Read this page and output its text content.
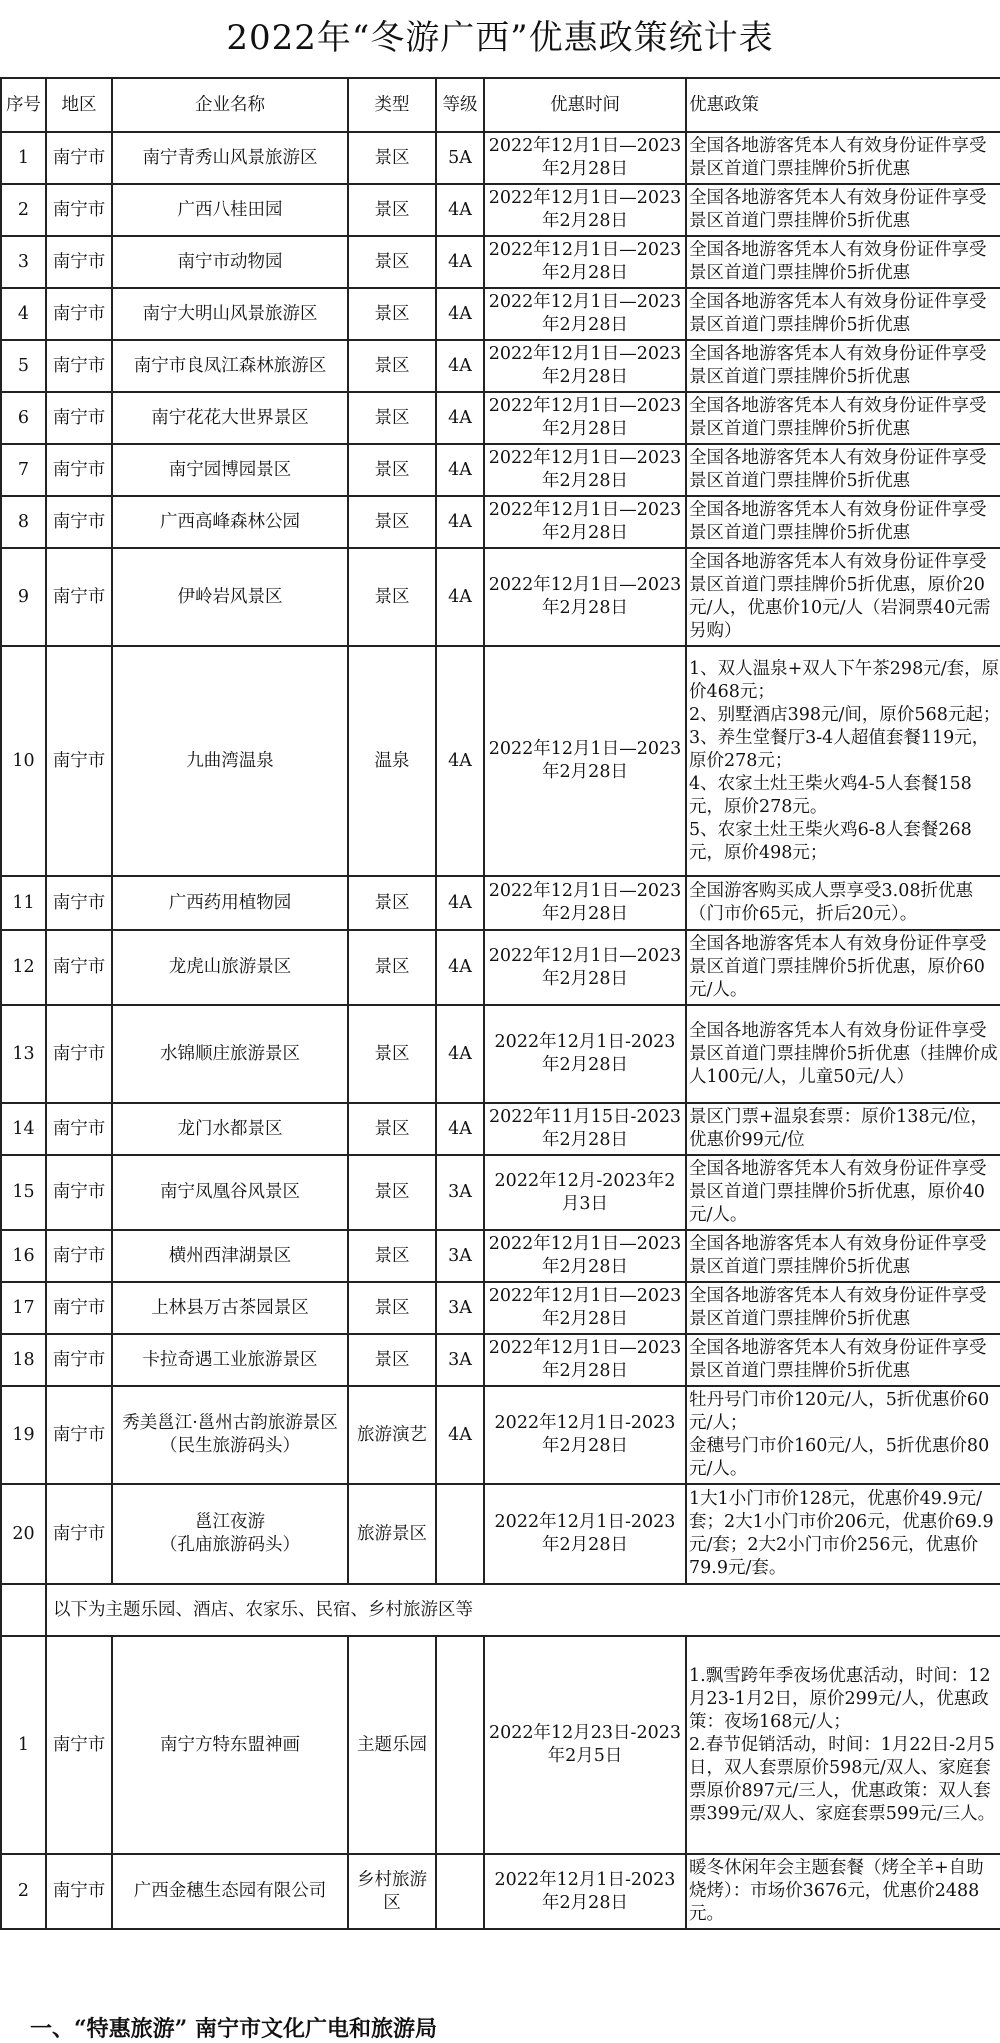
2022年“冬游广西”优惠政策统计表
序号	地区	企业名称	类型	等级	优惠时间	优惠政策
1	南宁市	南宁青秀山风景旅游区	景区	5A	2022年12月1日—2023年2月28日	全国各地游客凭本人有效身份证件享受景区首道门票挂牌价5折优惠
2	南宁市	广西八桂田园	景区	4A	2022年12月1日—2023年2月28日	全国各地游客凭本人有效身份证件享受景区首道门票挂牌价5折优惠
3	南宁市	南宁市动物园	景区	4A	2022年12月1日—2023年2月28日	全国各地游客凭本人有效身份证件享受景区首道门票挂牌价5折优惠
4	南宁市	南宁大明山风景旅游区	景区	4A	2022年12月1日—2023年2月28日	全国各地游客凭本人有效身份证件享受景区首道门票挂牌价5折优惠
5	南宁市	南宁市良凤江森林旅游区	景区	4A	2022年12月1日—2023年2月28日	全国各地游客凭本人有效身份证件享受景区首道门票挂牌价5折优惠
6	南宁市	南宁花花大世界景区	景区	4A	2022年12月1日—2023年2月28日	全国各地游客凭本人有效身份证件享受景区首道门票挂牌价5折优惠
7	南宁市	南宁园博园景区	景区	4A	2022年12月1日—2023年2月28日	全国各地游客凭本人有效身份证件享受景区首道门票挂牌价5折优惠
8	南宁市	广西高峰森林公园	景区	4A	2022年12月1日—2023年2月28日	全国各地游客凭本人有效身份证件享受景区首道门票挂牌价5折优惠
9	南宁市	伊岭岩风景区	景区	4A	2022年12月1日—2023年2月28日	全国各地游客凭本人有效身份证件享受景区首道门票挂牌价5折优惠，原价20元/人，优惠价10元/人（岩洞票40元需另购）
10	南宁市	九曲湾温泉	温泉	4A	2022年12月1日—2023年2月28日	1、双人温泉+双人下午茶298元/套，原价468元；
2、别墅酒店398元/间，原价568元起；
3、养生堂餐厅3-4人超值套餐119元，原价278元；
4、农家土灶王柴火鸡4-5人套餐158元，原价278元。
5、农家土灶王柴火鸡6-8人套餐268元，原价498元；
11	南宁市	广西药用植物园	景区	4A	2022年12月1日—2023年2月28日	全国游客购买成人票享受3.08折优惠（门市价65元，折后20元）。
12	南宁市	龙虎山旅游景区	景区	4A	2022年12月1日—2023年2月28日	全国各地游客凭本人有效身份证件享受景区首道门票挂牌价5折优惠，原价60元/人。
13	南宁市	水锦顺庄旅游景区	景区	4A	2022年12月1日-2023年2月28日	全国各地游客凭本人有效身份证件享受景区首道门票挂牌价5折优惠（挂牌价成人100元/人，儿童50元/人）
14	南宁市	龙门水都景区	景区	4A	2022年11月15日-2023年2月28日	景区门票+温泉套票：原价138元/位，优惠价99元/位
15	南宁市	南宁凤凰谷风景区	景区	3A	2022年12月-2023年2月3日	全国各地游客凭本人有效身份证件享受景区首道门票挂牌价5折优惠，原价40元/人。
16	南宁市	横州西津湖景区	景区	3A	2022年12月1日—2023年2月28日	全国各地游客凭本人有效身份证件享受景区首道门票挂牌价5折优惠
17	南宁市	上林县万古茶园景区	景区	3A	2022年12月1日—2023年2月28日	全国各地游客凭本人有效身份证件享受景区首道门票挂牌价5折优惠
18	南宁市	卡拉奇遇工业旅游景区	景区	3A	2022年12月1日—2023年2月28日	全国各地游客凭本人有效身份证件享受景区首道门票挂牌价5折优惠
19	南宁市	秀美邕江·邕州古韵旅游景区（民生旅游码头）	旅游演艺	4A	2022年12月1日-2023年2月28日	牡丹号门市价120元/人，5折优惠价60元/人；
金穗号门市价160元/人，5折优惠价80元/人。
20	南宁市	邕江夜游
（孔庙旅游码头）	旅游景区		2022年12月1日-2023年2月28日	1大1小门市价128元，优惠价49.9元/套；2大1小门市价206元，优惠价69.9元/套；2大2小门市价256元，优惠价79.9元/套。
	以下为主题乐园、酒店、农家乐、民宿、乡村旅游区等					
1	南宁市	南宁方特东盟神画	主题乐园		2022年12月23日-2023年2月5日	1.飘雪跨年季夜场优惠活动，时间：12月23-1月2日，原价299元/人，优惠政策：夜场168元/人；
2.春节促销活动，时间：1月22日-2月5日，双人套票原价598元/双人、家庭套票原价897元/三人，优惠政策：双人套票399元/双人、家庭套票599元/三人。
2	南宁市	广西金穗生态园有限公司	乡村旅游区		2022年12月1日-2023年2月28日	暖冬休闲年会主题套餐（烤全羊+自助烧烤）：市场价3676元，优惠价2488元。
一、“特惠旅游” 南宁市文化广电和旅游局
